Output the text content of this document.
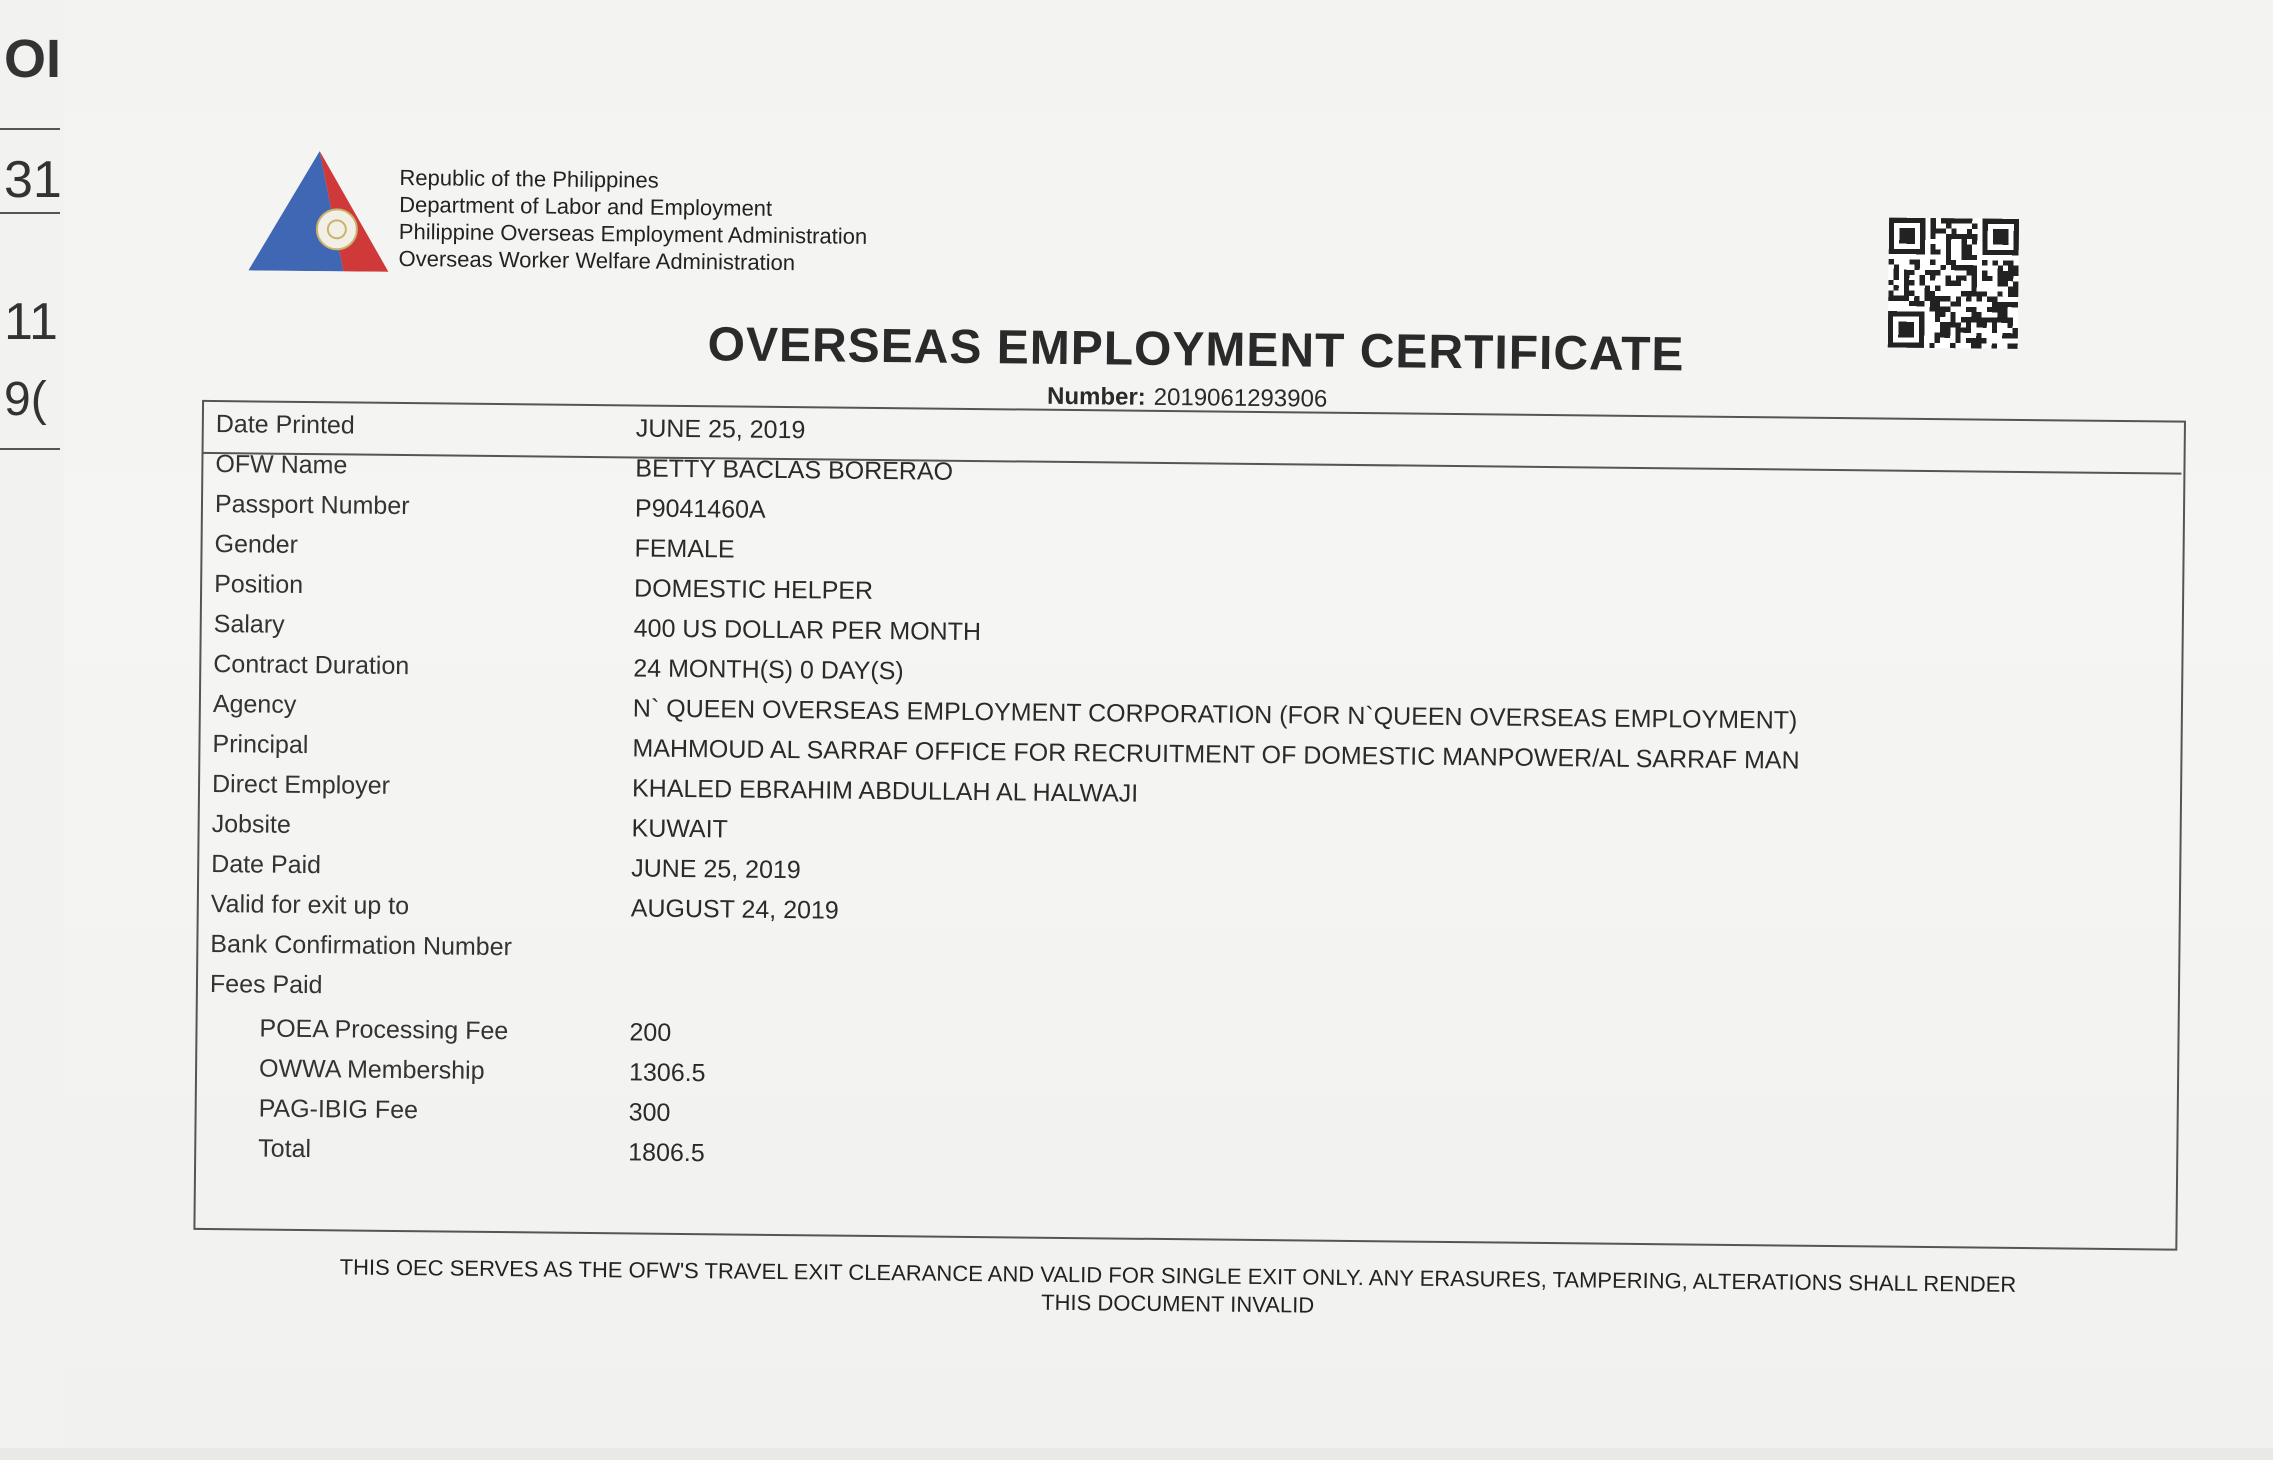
OI
31
11
9(
Republic of the Philippines
Department of Labor and Employment
Philippine Overseas Employment Administration
Overseas Worker Welfare Administration
OVERSEAS EMPLOYMENT CERTIFICATE
Number: 2019061293906
Date Printed	JUNE 25, 2019
OFW Name	BETTY BACLAS BORERAO
Passport Number	P9041460A
Gender	FEMALE
Position	DOMESTIC HELPER
Salary	400 US DOLLAR PER MONTH
Contract Duration	24 MONTH(S) 0 DAY(S)
Agency	N` QUEEN OVERSEAS EMPLOYMENT CORPORATION (FOR N`QUEEN OVERSEAS EMPLOYMENT)
Principal	MAHMOUD AL SARRAF OFFICE FOR RECRUITMENT OF DOMESTIC MANPOWER/AL SARRAF MAN
Direct Employer	KHALED EBRAHIM ABDULLAH AL HALWAJI
Jobsite	KUWAIT
Date Paid	JUNE 25, 2019
Valid for exit up to	AUGUST 24, 2019
Bank Confirmation Number
Fees Paid
POEA Processing Fee	200
OWWA Membership	1306.5
PAG-IBIG Fee	300
Total	1806.5
THIS OEC SERVES AS THE OFW'S TRAVEL EXIT CLEARANCE AND VALID FOR SINGLE EXIT ONLY. ANY ERASURES, TAMPERING, ALTERATIONS SHALL RENDER
THIS DOCUMENT INVALID
